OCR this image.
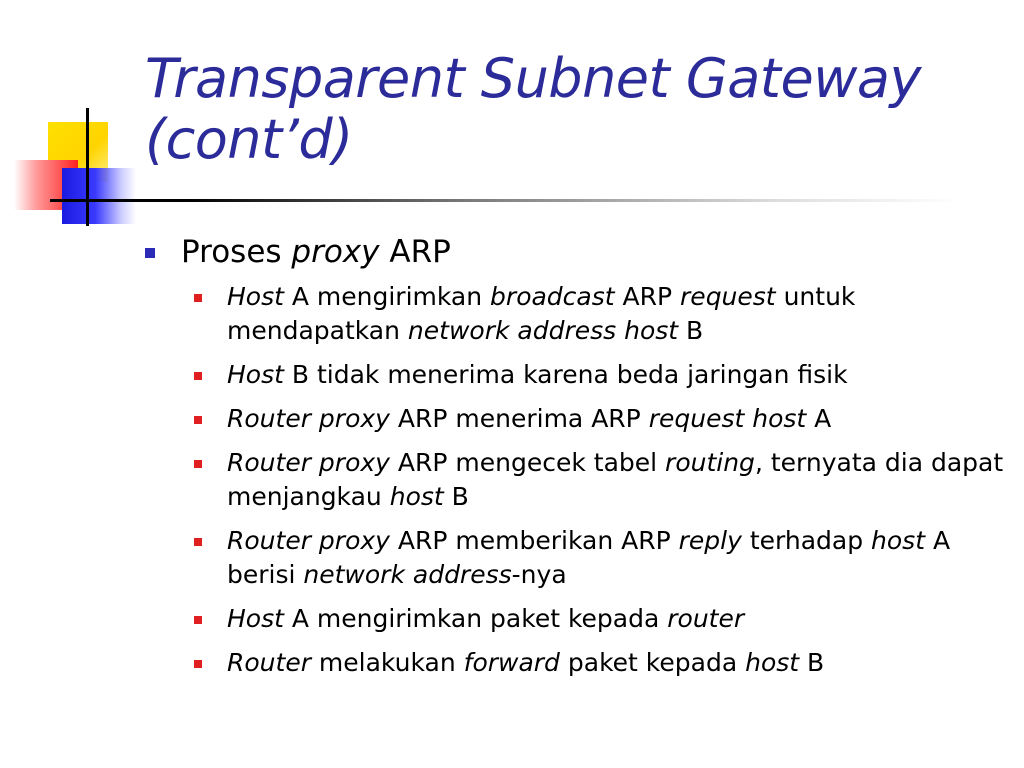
Transparent Subnet Gateway
(cont’d)
Proses proxy ARP
Host A mengirimkan broadcast ARP request untuk mendapatkan network address host B
Host B tidak menerima karena beda jaringan fisik
Router proxy ARP menerima ARP request host A
Router proxy ARP mengecek tabel routing, ternyata dia dapat menjangkau host B
Router proxy ARP memberikan ARP reply terhadap host A berisi network address-nya
Host A mengirimkan paket kepada router
Router melakukan forward paket kepada host B
